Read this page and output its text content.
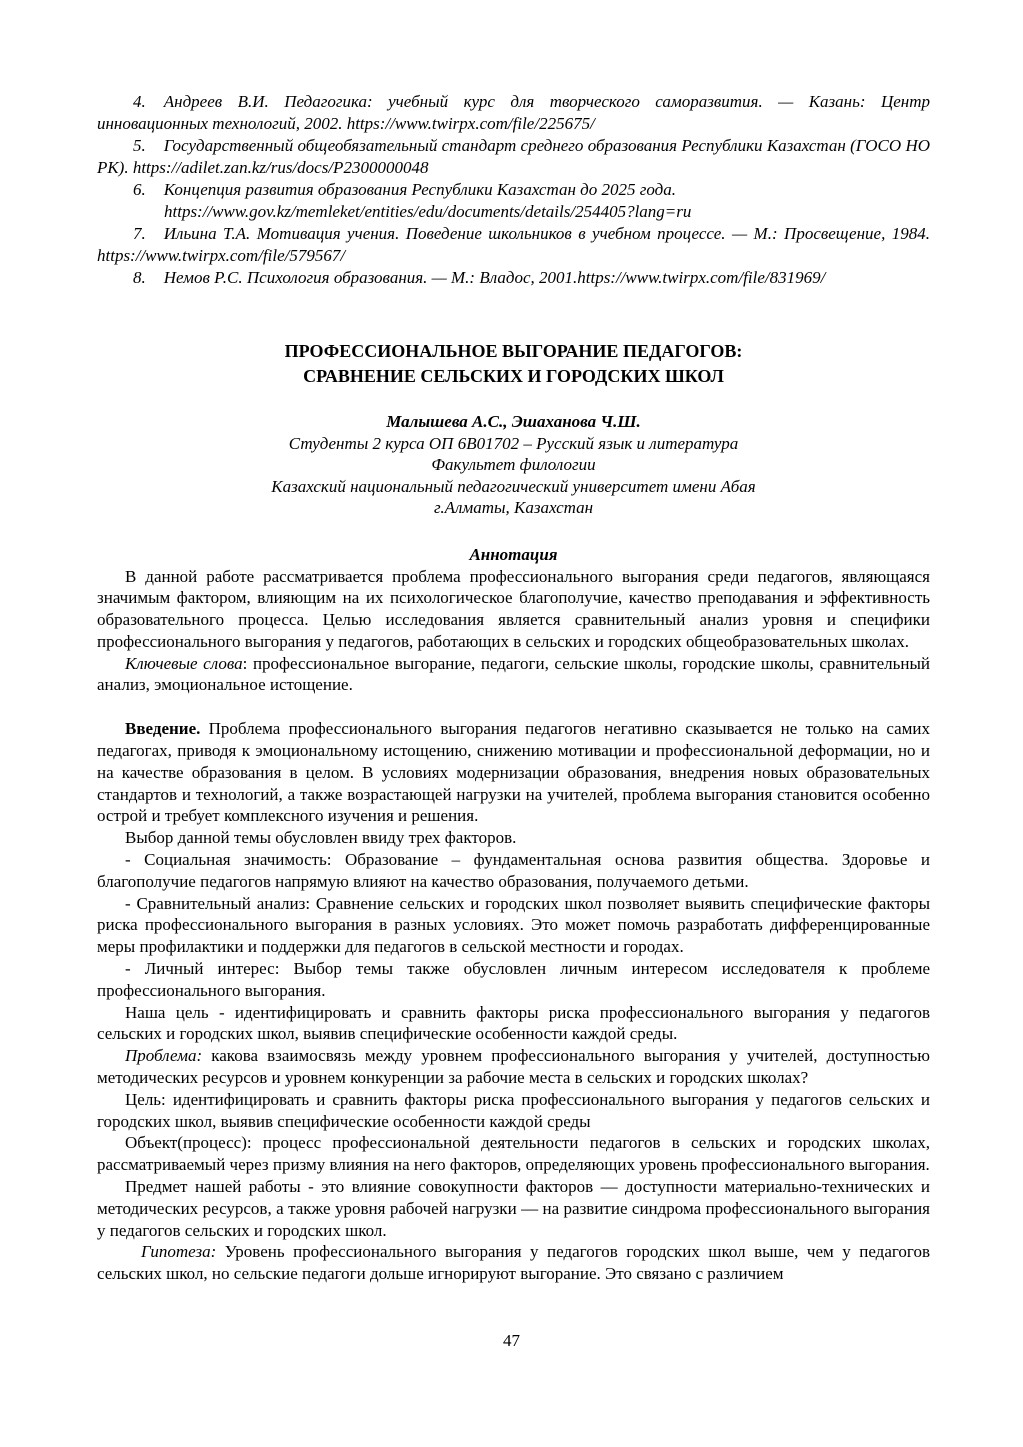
4. Андреев В.И. Педагогика: учебный курс для творческого саморазвития. — Казань: Центр инновационных технологий, 2002. https://www.twirpx.com/file/225675/

5. Государственный общеобязательный стандарт среднего образования Республики Казахстан (ГОСО НО РК). https://adilet.zan.kz/rus/docs/P2300000048

6. Концепция развития образования Республики Казахстан до 2025 года.
https://www.gov.kz/memleket/entities/edu/documents/details/254405?lang=ru

7. Ильина Т.А. Мотивация учения. Поведение школьников в учебном процессе. — М.: Просвещение, 1984. https://www.twirpx.com/file/579567/

8. Немов Р.С. Психология образования. — М.: Владос, 2001.https://www.twirpx.com/file/831969/

ПРОФЕССИОНАЛЬНОЕ ВЫГОРАНИЕ ПЕДАГОГОВ:
СРАВНЕНИЕ СЕЛЬСКИХ И ГОРОДСКИХ ШКОЛ
Малышева А.С., Эшаханова Ч.Ш.
Студенты 2 курса ОП 6В01702 – Русский язык и литература
Факультет филологии
Казахский национальный педагогический университет имени Абая
г.Алматы, Казахстан

Аннотация

В данной работе рассматривается проблема профессионального выгорания среди педагогов, являющаяся значимым фактором, влияющим на их психологическое благополучие, качество преподавания и эффективность образовательного процесса. Целью исследования является сравнительный анализ уровня и специфики профессионального выгорания у педагогов, работающих в сельских и городских общеобразовательных школах.

Ключевые слова: профессиональное выгорание, педагоги, сельские школы, городские школы, сравнительный анализ, эмоциональное истощение.

Введение. Проблема профессионального выгорания педагогов негативно сказывается не только на самих педагогах, приводя к эмоциональному истощению, снижению мотивации и профессиональной деформации, но и на качестве образования в целом. В условиях модернизации образования, внедрения новых образовательных стандартов и технологий, а также возрастающей нагрузки на учителей, проблема выгорания становится особенно острой и требует комплексного изучения и решения.

Выбор данной темы обусловлен ввиду трех факторов.

- Социальная значимость: Образование – фундаментальная основа развития общества. Здоровье и благополучие педагогов напрямую влияют на качество образования, получаемого детьми.

- Сравнительный анализ: Сравнение сельских и городских школ позволяет выявить специфические факторы риска профессионального выгорания в разных условиях. Это может помочь разработать дифференцированные меры профилактики и поддержки для педагогов в сельской местности и городах.

- Личный интерес: Выбор темы также обусловлен личным интересом исследователя к проблеме профессионального выгорания.

Наша цель - идентифицировать и сравнить факторы риска профессионального выгорания у педагогов сельских и городских школ, выявив специфические особенности каждой среды.

Проблема: какова взаимосвязь между уровнем профессионального выгорания у учителей, доступностью методических ресурсов и уровнем конкуренции за рабочие места в сельских и городских школах?

Цель: идентифицировать и сравнить факторы риска профессионального выгорания у педагогов сельских и городских школ, выявив специфические особенности каждой среды

Объект(процесс): процесс профессиональной деятельности педагогов в сельских и городских школах, рассматриваемый через призму влияния на него факторов, определяющих уровень профессионального выгорания.

Предмет нашей работы - это влияние совокупности факторов — доступности материально-технических и методических ресурсов, а также уровня рабочей нагрузки — на развитие синдрома профессионального выгорания у педагогов сельских и городских школ.

Гипотеза: Уровень профессионального выгорания у педагогов городских школ выше, чем у педагогов сельских школ, но сельские педагоги дольше игнорируют выгорание. Это связано с различием

47
